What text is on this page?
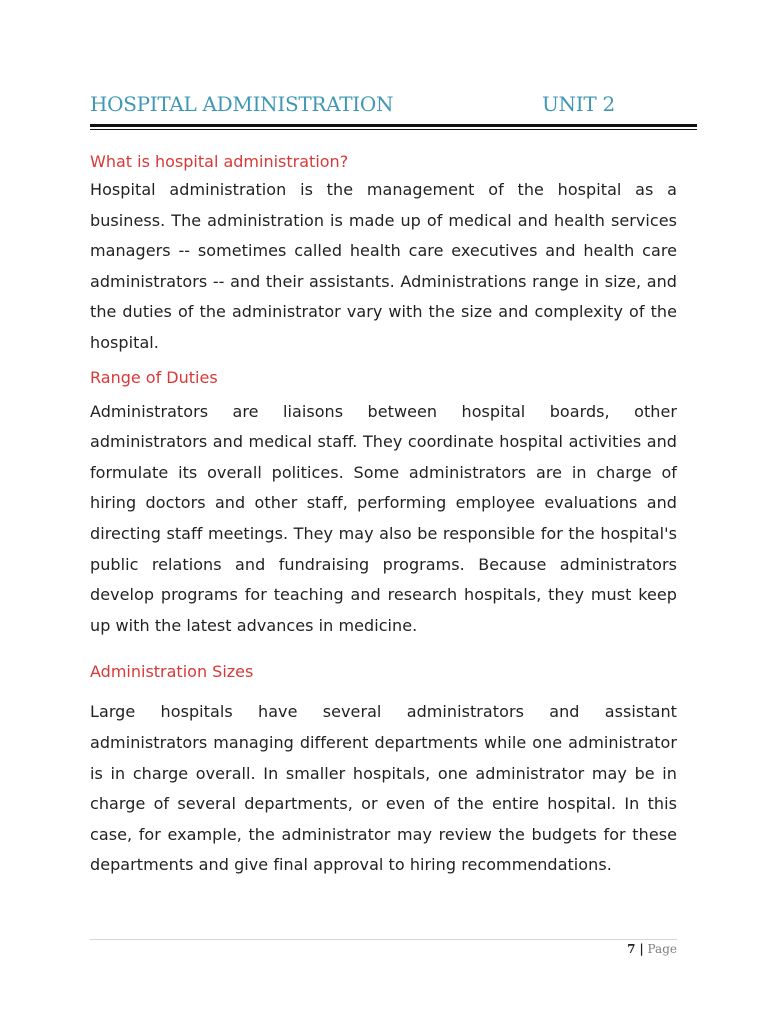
HOSPITAL ADMINISTRATION	UNIT 2
What is hospital administration?

Hospital administration is the management of the hospital as a business. The administration is made up of medical and health services managers -- sometimes called health care executives and health care administrators -- and their assistants. Administrations range in size, and the duties of the administrator vary with the size and complexity of the hospital.

Range of Duties

Administrators are liaisons between hospital boards, other administrators and medical staff. They coordinate hospital activities and formulate its overall politices. Some administrators are in charge of hiring doctors and other staff, performing employee evaluations and directing staff meetings. They may also be responsible for the hospital's public relations and fundraising programs. Because administrators develop programs for teaching and research hospitals, they must keep up with the latest advances in medicine.

Administration Sizes

Large hospitals have several administrators and assistant administrators managing different departments while one administrator is in charge overall. In smaller hospitals, one administrator may be in charge of several departments, or even of the entire hospital. In this case, for example, the administrator may review the budgets for these departments and give final approval to hiring recommendations.

7 | Page
